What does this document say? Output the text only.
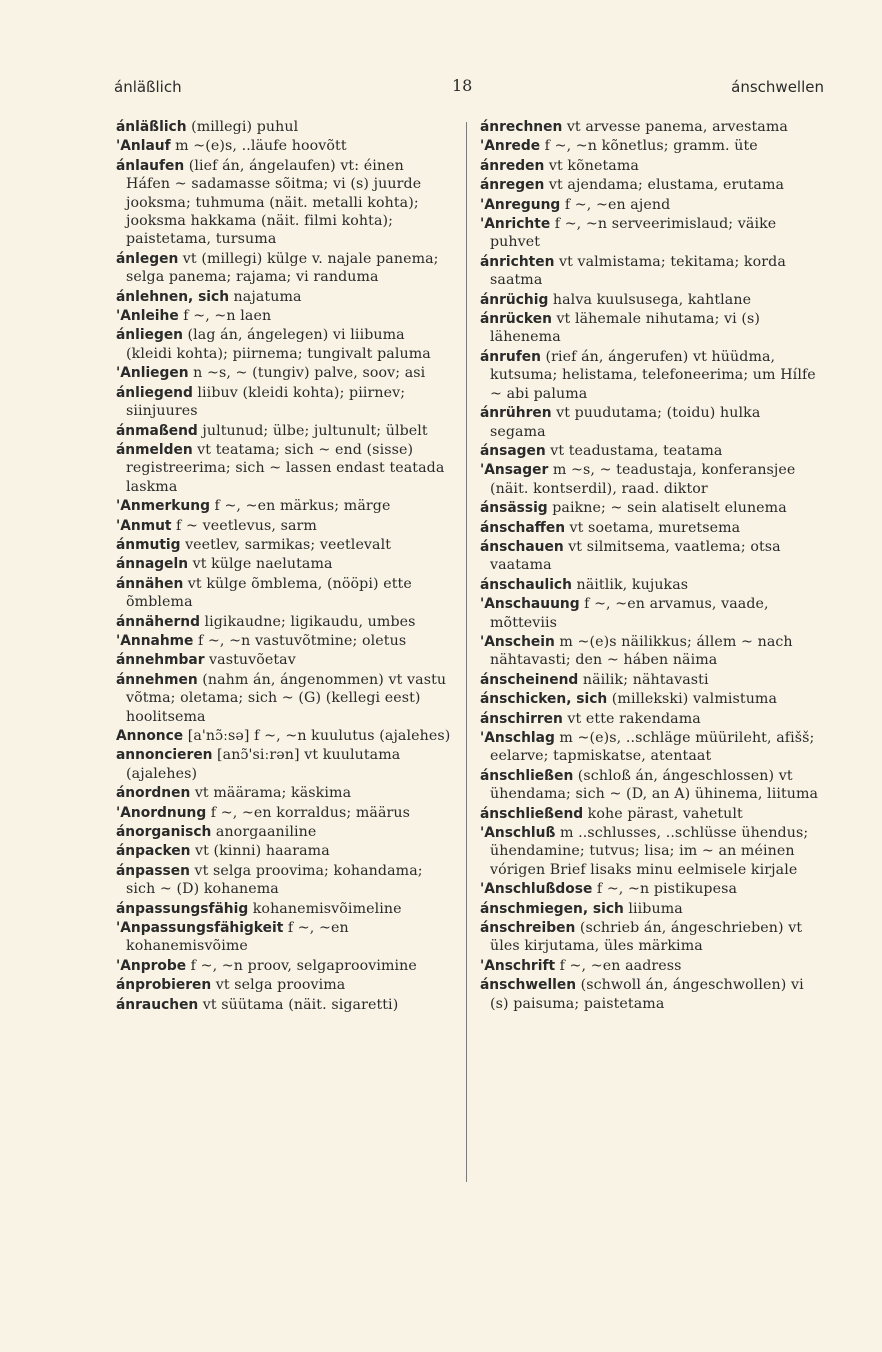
ánläßlich	18	ánschwellen
ánläßlich (millegi) puhul
'Anlauf m ~(e)s, ..läufe hoovõtt
ánlaufen (lief án, ángelaufen) vt: éinen Háfen ~ sadamasse sõitma; vi (s) juurde jooksma; tuhmuma (näit. metalli kohta); jooksma hakkama (näit. filmi kohta); paistetama, tursuma
ánlegen vt (millegi) külge v. najale panema; selga panema; rajama; vi randuma
ánlehnen, sich najatuma
'Anleihe f ~, ~n laen
ánliegen (lag án, ángelegen) vi liibuma (kleidi kohta); piirnema; tungivalt paluma
'Anliegen n ~s, ~ (tungiv) palve, soov; asi
ánliegend liibuv (kleidi kohta); piirnev; siinjuures
ánmaßend jultunud; ülbe; jultunult; ülbelt
ánmelden vt teatama; sich ~ end (sisse) registreerima; sich ~ lassen endast teatada laskma
'Anmerkung f ~, ~en märkus; märge
'Anmut f ~ veetlevus, sarm
ánmutig veetlev, sarmikas; veetlevalt
ánnageln vt külge naelutama
ánnähen vt külge õmblema, (nööpi) ette õmblema
ánnähernd ligikaudne; ligikaudu, umbes
'Annahme f ~, ~n vastuvõtmine; oletus
ánnehmbar vastuvõetav
ánnehmen (nahm án, ángenommen) vt vastu võtma; oletama; sich ~ (G) (kellegi eest) hoolitsema
Annonce [a'nɔ̃ːsə] f ~, ~n kuulutus (ajalehes)
annoncieren [anɔ̃'siːrən] vt kuulutama (ajalehes)
ánordnen vt määrama; käskima
'Anordnung f ~, ~en korraldus; määrus
ánorganisch anorgaaniline
ánpacken vt (kinni) haarama
ánpassen vt selga proovima; kohandama; sich ~ (D) kohanema
ánpassungsfähig kohanemisvõimeline
'Anpassungsfähigkeit f ~, ~en kohanemisvõime
'Anprobe f ~, ~n proov, selgaproovimine
ánprobieren vt selga proovima
ánrauchen vt süütama (näit. sigaretti)
ánrechnen vt arvesse panema, arvestama
'Anrede f ~, ~n kõnetlus; gramm. üte
ánreden vt kõnetama
ánregen vt ajendama; elustama, erutama
'Anregung f ~, ~en ajend
'Anrichte f ~, ~n serveerimislaud; väike puhvet
ánrichten vt valmistama; tekitama; korda saatma
ánrüchig halva kuulsusega, kahtlane
ánrücken vt lähemale nihutama; vi (s) lähenema
ánrufen (rief án, ángerufen) vt hüüdma, kutsuma; helistama, telefoneerima; um Hílfe ~ abi paluma
ánrühren vt puudutama; (toidu) hulka segama
ánsagen vt teadustama, teatama
'Ansager m ~s, ~ teadustaja, konferansjee (näit. kontserdil), raad. diktor
ánsässig paikne; ~ sein alatiselt elunema
ánschaffen vt soetama, muretsema
ánschauen vt silmitsema, vaatlema; otsa vaatama
ánschaulich näitlik, kujukas
'Anschauung f ~, ~en arvamus, vaade, mõtteviis
'Anschein m ~(e)s näilikkus; állem ~ nach nähtavasti; den ~ háben näima
ánscheinend näilik; nähtavasti
ánschicken, sich (millekski) valmistuma
ánschirren vt ette rakendama
'Anschlag m ~(e)s, ..schläge müürileht, afišš; eelarve; tapmiskatse, atentaat
ánschließen (schloß án, ángeschlossen) vt ühendama; sich ~ (D, an A) ühinema, liituma
ánschließend kohe pärast, vahetult
'Anschluß m ..schlusses, ..schlüsse ühendus; ühendamine; tutvus; lisa; im ~ an méinen vórigen Brief lisaks minu eelmisele kirjale
'Anschlußdose f ~, ~n pistikupesa
ánschmiegen, sich liibuma
ánschreiben (schrieb án, ángeschrieben) vt üles kirjutama, üles märkima
'Anschrift f ~, ~en aadress
ánschwellen (schwoll án, ángeschwollen) vi (s) paisuma; paistetama
